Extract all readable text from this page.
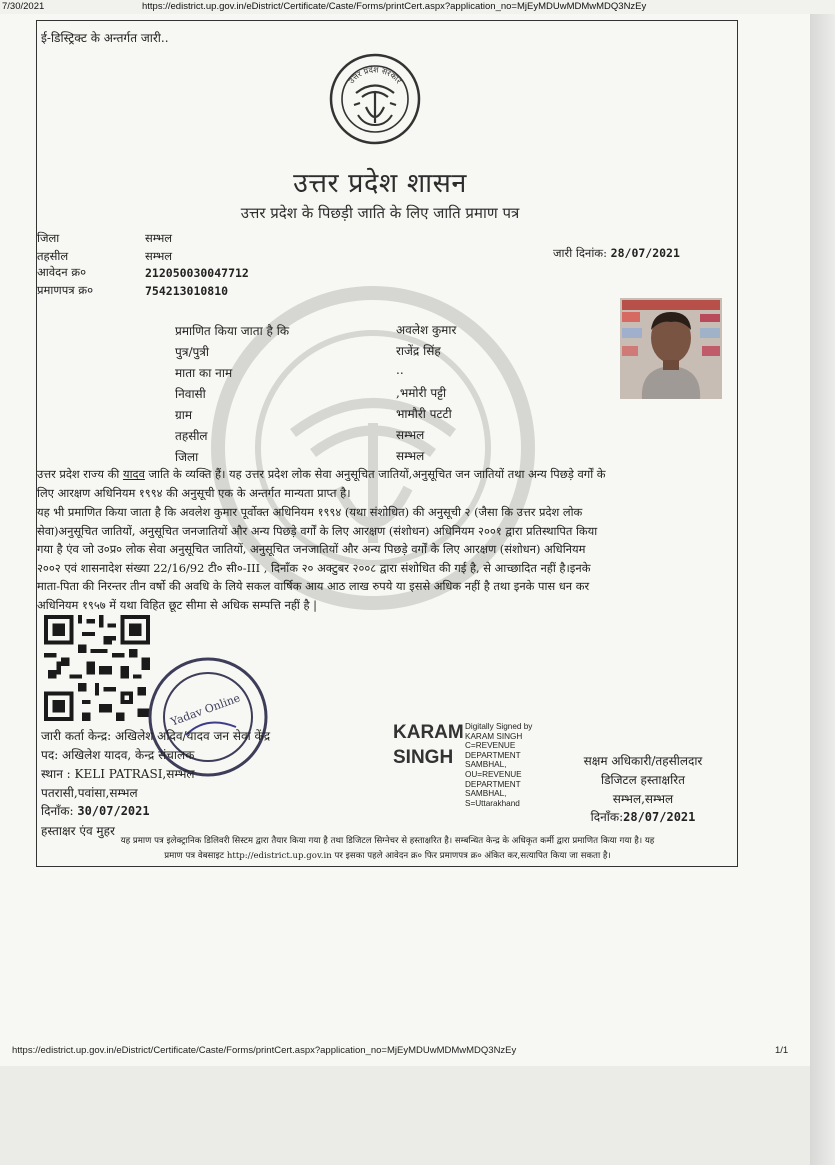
7/30/2021	https://edistrict.up.gov.in/eDistrict/Certificate/Caste/Forms/printCert.aspx?application_no=MjEyMDUwMDMwMDQ3NzEy
ई-डिस्ट्रिक्ट के अन्तर्गत जारी..
उत्तर प्रदेश सरकार
उत्तर प्रदेश शासन
उत्तर प्रदेश के पिछड़ी जाति के लिए जाति प्रमाण पत्र
जिला	सम्भल
तहसील	सम्भल
आवेदन क्र०	212050030047712
प्रमाणपत्र क्र०	754213010810
जारी दिनांक: 28/07/2021
प्रमाणित किया जाता है कि	अवलेश कुमार
पुत्र/पुत्री	राजेंद्र सिंह
माता का नाम	..
निवासी	,भमोरी पट्टी
ग्राम	भामौरी पटटी
तहसील	सम्भल
जिला	सम्भल
उत्तर प्रदेश राज्य की यादव जाति के व्यक्ति हैं। यह उत्तर प्रदेश लोक सेवा अनुसूचित जातियों,अनुसूचित जन जातियों तथा अन्य पिछड़े वर्गों के
लिए आरक्षण अधिनियम १९९४ की अनुसूची एक के अन्तर्गत मान्यता प्राप्त है।
यह भी प्रमाणित किया जाता है कि अवलेश कुमार पूर्वोक्त अधिनियम १९९४ (यथा संशोधित) की अनुसूची २ (जैसा कि उत्तर प्रदेश लोक
सेवा)अनुसूचित जातियों, अनुसूचित जनजातियों और अन्य पिछड़े वर्गों के लिए आरक्षण (संशोधन) अधिनियम २००१ द्वारा प्रतिस्थापित किया
गया है एंव जो उ०प्र० लोक सेवा अनुसूचित जातियों, अनुसूचित जनजातियों और अन्य पिछड़े वर्गों के लिए आरक्षण (संशोधन) अधिनियम
२००२ एवं शासनादेश संख्या 22/16/92 टी० सी०-III , दिनाँक २० अक्टुबर २००८ द्वारा संशोधित की गई है, से आच्छादित नहीं है।इनके
माता-पिता की निरन्तर तीन वर्षो की अवधि के लिये सकल वार्षिक आय आठ लाख रुपये या इससे अधिक नहीं है तथा इनके पास धन कर
अधिनियम १९५७ में यथा विहित छूट सीमा से अधिक सम्पत्ति नहीं है |
Yadav Online
जारी कर्ता केन्द्र: अखिलेश अदिव/यादव जन सेवा केंद्र
पद: अखिलेश यादव, केन्द्र संचालक
स्थान : KELI PATRASI,सम्भल
पतरासी,पवांसा,सम्भल
दिनाँक: 30/07/2021
हस्ताक्षर एंव मुहर
KARAM
SINGH
Digitally Signed by
KARAM SINGH
C=REVENUE
DEPARTMENT
SAMBHAL,
OU=REVENUE
DEPARTMENT
SAMBHAL,
S=Uttarakhand
सक्षम अधिकारी/तहसीलदार
डिजिटल हस्ताक्षरित
सम्भल,सम्भल
दिनाँक:28/07/2021
यह प्रमाण पत्र इलेक्ट्रानिक डिलिवरी सिस्टम द्वारा तैयार किया गया है तथा डिजिटल सिग्नेचर से हस्ताक्षरित है। सम्बन्धित केन्द्र के अधिकृत कर्मी द्वारा प्रमाणित किया गया है। यह
प्रमाण पत्र वेबसाइट http://edistrict.up.gov.in पर इसका पहले आवेदन क्र० फिर प्रमाणपत्र क्र० अंकित कर,सत्यापित किया जा सकता है।
https://edistrict.up.gov.in/eDistrict/Certificate/Caste/Forms/printCert.aspx?application_no=MjEyMDUwMDMwMDQ3NzEy	1/1
